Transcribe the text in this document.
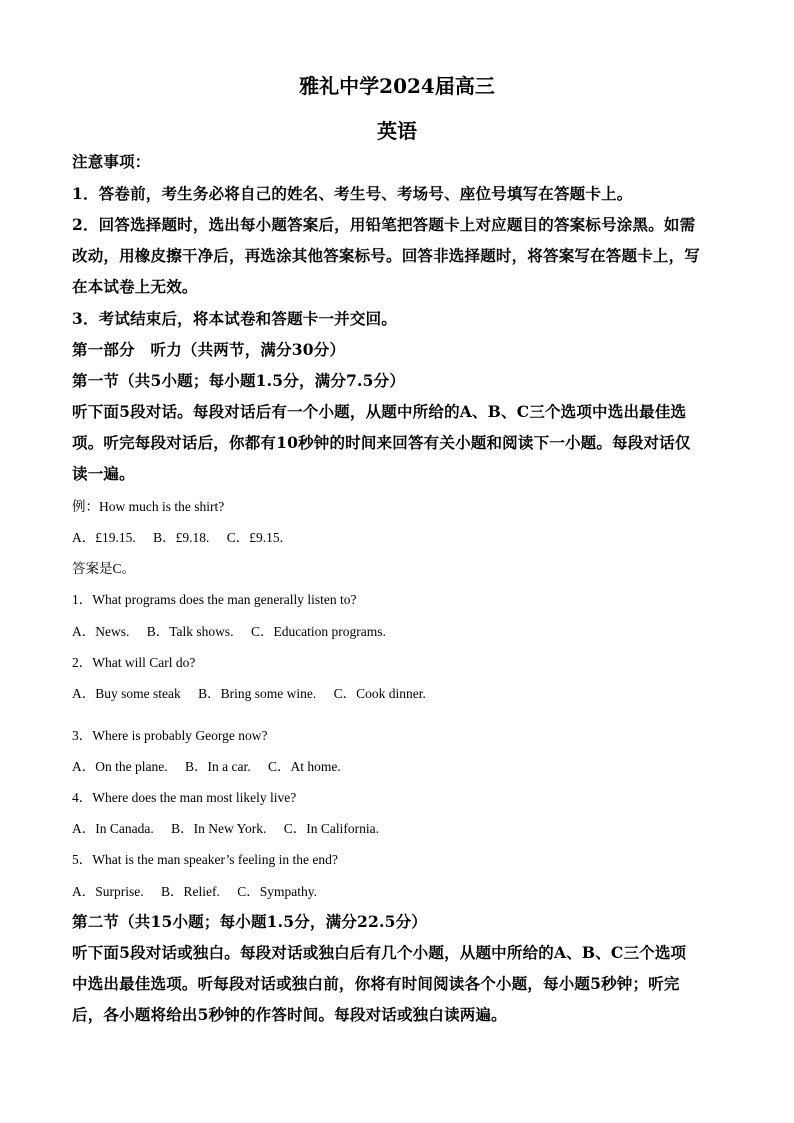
雅礼中学2024届高三
英语
注意事项：
1．答卷前，考生务必将自己的姓名、考生号、考场号、座位号填写在答题卡上。
2．回答选择题时，选出每小题答案后，用铅笔把答题卡上对应题目的答案标号涂黑。如需
改动，用橡皮擦干净后，再选涂其他答案标号。回答非选择题时，将答案写在答题卡上，写
在本试卷上无效。
3．考试结束后，将本试卷和答题卡一并交回。
第一部分　听力（共两节，满分30分）
第一节（共5小题；每小题1.5分，满分7.5分）
听下面5段对话。每段对话后有一个小题，从题中所给的A、B、C三个选项中选出最佳选
项。听完每段对话后，你都有10秒钟的时间来回答有关小题和阅读下一小题。每段对话仅
读一遍。
例：How much is the shirt?
A．£19.15. B．£9.18. C．£9.15.
答案是C。
1．What programs does the man generally listen to?
A．News. B．Talk shows. C．Education programs.
2．What will Carl do?
A．Buy some steak B．Bring some wine. C．Cook dinner.
3．Where is probably George now?
A．On the plane. B．In a car. C．At home.
4．Where does the man most likely live?
A．In Canada. B．In New York. C．In California.
5．What is the man speaker’s feeling in the end?
A．Surprise. B．Relief. C．Sympathy.
第二节（共15小题；每小题1.5分，满分22.5分）
听下面5段对话或独白。每段对话或独白后有几个小题，从题中所给的A、B、C三个选项
中选出最佳选项。听每段对话或独白前，你将有时间阅读各个小题，每小题5秒钟；听完
后，各小题将给出5秒钟的作答时间。每段对话或独白读两遍。
